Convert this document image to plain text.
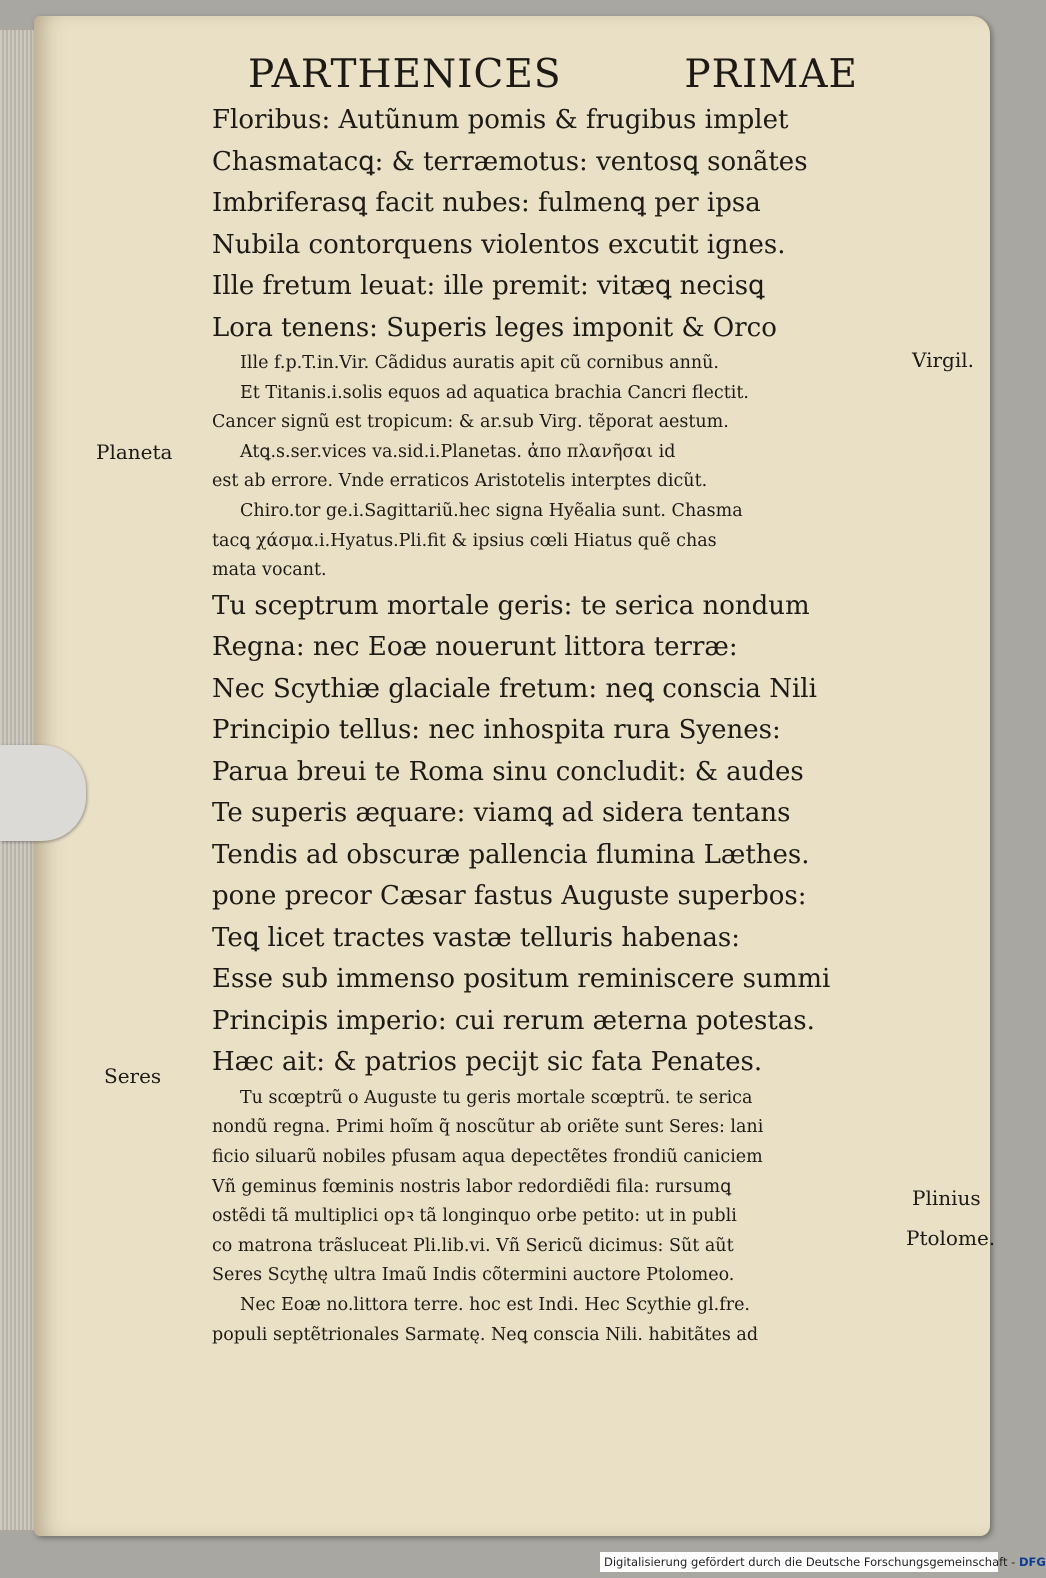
PARTHENICES	PRIMAE
Floribus: Autũnum pomis & frugibus implet
Chasmatacꝗ: & terræmotus: ventosꝗ sonãtes
Imbriferasꝗ facit nubes: fulmenꝗ per ipsa
Nubila contorquens violentos excutit ignes.
Ille fretum leuat: ille premit: vitæꝗ necisꝗ
Lora tenens: Superis leges imponit & Orco
Ille f.p.T.in.Vir. Cãdidus auratis apit cũ cornibus annũ.
Et Titanis.i.solis equos ad aquatica brachia Cancri flectit.
Cancer signũ est tropicum: & ar.sub Virg. tẽporat aestum.
Atꝗ.s.ser.vices va.sid.i.Planetas. ἀπο πλανῆσαι id
est ab errore. Vnde erraticos Aristotelis interptes dicũt.
Chiro.tor ge.i.Sagittariũ.hec signa Hyẽalia sunt. Chasma
tacꝗ χάσμα.i.Hyatus.Pli.fit & ipsius cœli Hiatus quẽ chas
mata vocant.
Tu sceptrum mortale geris: te serica nondum
Regna: nec Eoæ nouerunt littora terræ:
Nec Scythiæ glaciale fretum: neꝗ conscia Nili
Principio tellus: nec inhospita rura Syenes:
Parua breui te Roma sinu concludit: & audes
Te superis æquare: viamꝗ ad sidera tentans
Tendis ad obscuræ pallencia flumina Læthes.
pone precor Cæsar fastus Auguste superbos:
Teꝗ licet tractes vastæ telluris habenas:
Esse sub immenso positum reminiscere summi
Principis imperio: cui rerum æterna potestas.
Hæc ait: & patrios pecijt sic fata Penates.
Tu scœptrũ o Auguste tu geris mortale scœptrũ. te serica
nondũ regna. Primi hoĩm q̃ noscũtur ab oriẽte sunt Seres: lani
ficio siluarũ nobiles pfusam aqua depectẽtes frondiũ caniciem
Vñ geminus fœminis nostris labor redordiẽdi fila: rursumꝗ
ostẽdi tã multiplici opꝛ tã longinquo orbe petito: ut in publi
co matrona trãsluceat Pli.lib.vi. Vñ Sericũ dicimus: Sũt aũt
Seres Scythę ultra Imaũ Indis cõtermini auctore Ptolomeo.
Nec Eoæ no.littora terre. hoc est Indi. Hec Scythie gl.fre.
populi septẽtrionales Sarmatę. Neꝗ conscia Nili. habitãtes ad
Virgil.
Planeta
Seres
Plinius
Ptolome.
Digitalisierung gefördert durch die Deutsche Forschungsgemeinschaft - DFG
